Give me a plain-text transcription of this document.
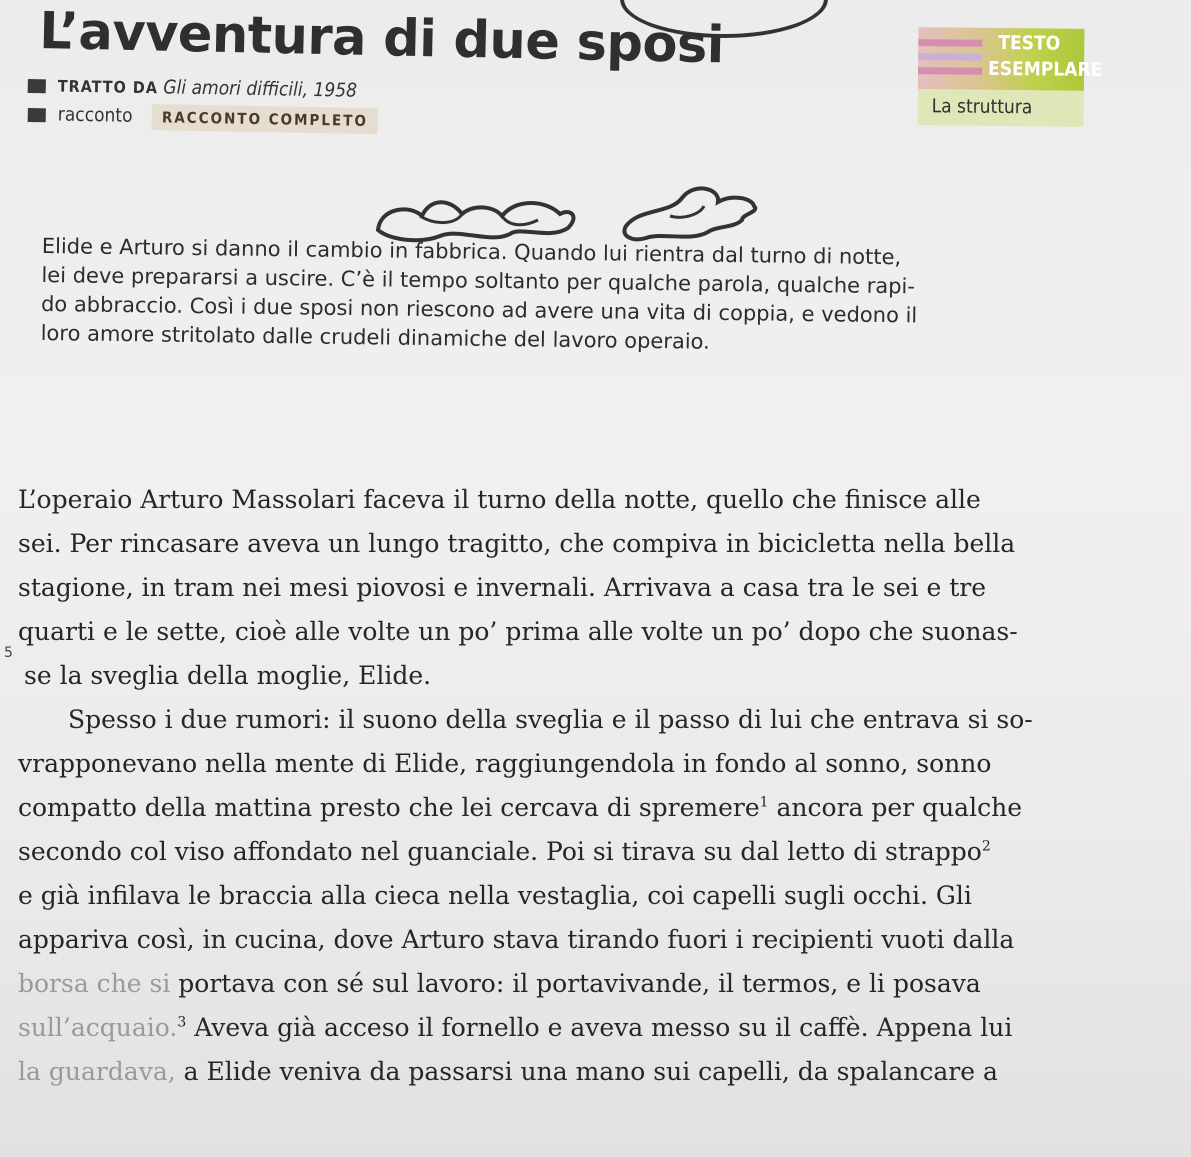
L’avventura di due sposi
TRATTO DA Gli amori difficili, 1958
racconto RACCONTO COMPLETO
TESTO
ESEMPLARE
La struttura
Elide e Arturo si danno il cambio in fabbrica. Quando lui rientra dal turno di notte,
lei deve prepararsi a uscire. C’è il tempo soltanto per qualche parola, qualche rapi-
do abbraccio. Così i due sposi non riescono ad avere una vita di coppia, e vedono il
loro amore stritolato dalle crudeli dinamiche del lavoro operaio.
5
L’operaio Arturo Massolari faceva il turno della notte, quello che finisce alle
sei. Per rincasare aveva un lungo tragitto, che compiva in bicicletta nella bella
stagione, in tram nei mesi piovosi e invernali. Arrivava a casa tra le sei e tre
quarti e le sette, cioè alle volte un po’ prima alle volte un po’ dopo che suonas-
se la sveglia della moglie, Elide.
Spesso i due rumori: il suono della sveglia e il passo di lui che entrava si so-
vrapponevano nella mente di Elide, raggiungendola in fondo al sonno, sonno
compatto della mattina presto che lei cercava di spremere$^1$ ancora per qualche
secondo col viso affondato nel guanciale. Poi si tirava su dal letto di strappo$^2$
e già infilava le braccia alla cieca nella vestaglia, coi capelli sugli occhi. Gli
appariva così, in cucina, dove Arturo stava tirando fuori i recipienti vuoti dalla
borsa che si portava con sé sul lavoro: il portavivande, il termos, e li posava
sull’acquaio.$^3$ Aveva già acceso il fornello e aveva messo su il caffè. Appena lui
la guardava, a Elide veniva da passarsi una mano sui capelli, da spalancare a
